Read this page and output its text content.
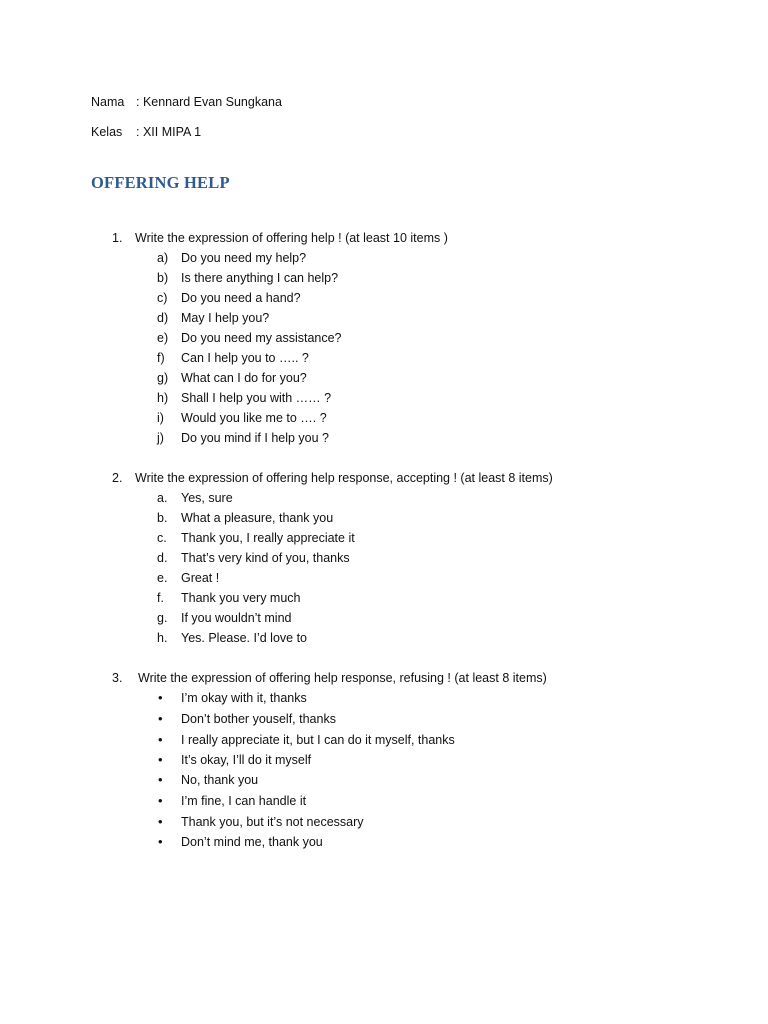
Nama : Kennard Evan Sungkana
Kelas : XII MIPA 1
OFFERING HELP
1. Write the expression of offering help ! (at least 10 items )
a) Do you need my help?
b) Is there anything I can help?
c) Do you need a hand?
d) May I help you?
e) Do you need my assistance?
f) Can I help you to ….. ?
g) What can I do for you?
h) Shall I help you with …… ?
i) Would you like me to …. ?
j) Do you mind if I help you ?
2. Write the expression of offering help response, accepting ! (at least 8 items)
a. Yes, sure
b. What a pleasure, thank you
c. Thank you, I really appreciate it
d. That’s very kind of you, thanks
e. Great !
f. Thank you very much
g. If you wouldn’t mind
h. Yes. Please. I’d love to
3. Write the expression of offering help response, refusing ! (at least 8 items)
• I’m okay with it, thanks
• Don’t bother youself, thanks
• I really appreciate it, but I can do it myself, thanks
• It’s okay, I’ll do it myself
• No, thank you
• I’m fine, I can handle it
• Thank you, but it’s not necessary
• Don’t mind me, thank you
